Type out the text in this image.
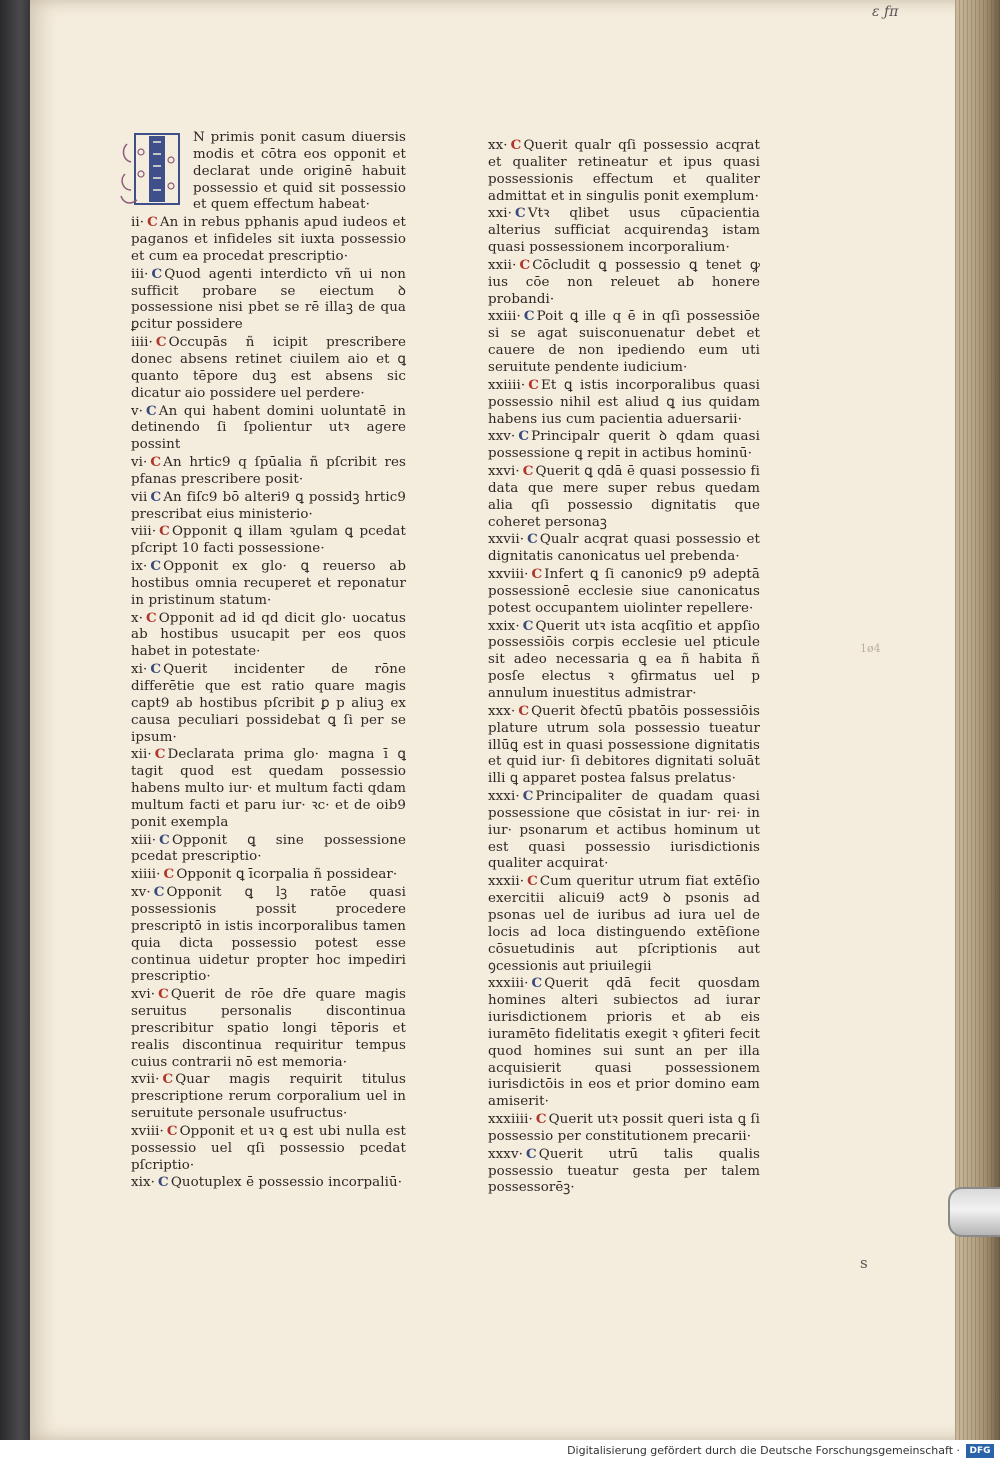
ε ƒπ
1ø4
s

N primis ponit casum diuersis modis et cōtra eos opponit et declarat unde originē habuit possessio et quid sit possessio et quem effectum habeat·

ii· C An in rebus pphanis apud iudeos et paganos et infideles sit iuxta possessio et cum ea procedat prescriptio·

iii· C Quod agenti interdicto vñ ui non sufficit probare se eiectum ꝺ possessione nisi pbet se rē illaꝫ de qua ꝑcitur possidere

iiii· C Occupās ñ icipit prescribere donec absens retinet ciuilem aio et ꝗ quanto tēpore duꝫ est absens sic dicatur aio possidere uel perdere·

v· C An qui habent domini uoluntatē in detinendo ſi ſpolientur utꝛ agere possint

vi· C An hrtic9 q ſpūalia ñ pſcribit res pfanas prescribere posit·

vii C An fiſc9 bō alteri9 ꝗ possidꝫ hrtic9 prescribat eius ministerio·

viii· C Opponit ꝗ illam ꝛgulam ꝗ pcedat pſcript 10 facti possessione·

ix· C Opponit ex glo· ꝗ reuerso ab hostibus omnia recuperet et reponatur in pristinum statum·

x· C Opponit ad id qd dicit glo· uocatus ab hostibus usucapit per eos quos habet in potestate·

xi· C Querit incidenter de rōne differētie que est ratio quare magis capt9 ab hostibus pſcribit ꝑ p aliuꝫ ex causa peculiari possidebat ꝗ ſi per se ipsum·

xii· C Declarata prima glo· magna ī ꝗ tagit quod est quedam possessio habens multo iur· et multum facti qdam multum facti et paru iur· ꝛc· et de oib9 ponit exempla

xiii· C Opponit ꝗ sine possessione pcedat prescriptio·

xiiii· C Opponit ꝗ īcorpalia ñ possidear·

xv· C Opponit ꝗ lꝫ ratōe quasi possessionis possit procedere prescriptō in istis incorporalibus tamen quia dicta possessio potest esse continua uidetur propter hoc impediri prescriptio·

xvi· C Querit de rōe dr̄e quare magis seruitus personalis discontinua prescribitur spatio longi tēporis et realis discontinua requiritur tempus cuius contrarii nō est memoria·

xvii· C Quar magis requirit titulus prescriptione rerum corporalium uel in seruitute personale usufructus·

xviii· C Opponit et uꝛ ꝗ est ubi nulla est possessio uel qſi possessio pcedat pſcriptio·

xix· C Quotuplex ē possessio incorpaliū·

xx· C Querit qualr qſi possessio acqrat et qualiter retineatur et ipus quasi possessionis effectum et qualiter admittat et in singulis ponit exemplum·

xxi· C Vtꝛ qlibet usus cūpacientia alterius sufficiat acquirendaꝫ istam quasi possessionem incorporalium·

xxii· C Cōcludit ꝗ possessio ꝗ tenet ꝙ ius cōe non releuet ab honere probandi·

xxiii· C Poit ꝗ ille q ē in qſi possessiōe si se agat suisconuenatur debet et cauere de non ipediendo eum uti seruitute pendente iudicium·

xxiiii· C Et ꝗ istis incorporalibus quasi possessio nihil est aliud ꝗ ius quidam habens ius cum pacientia aduersarii·

xxv· C Principalr querit ꝺ qdam quasi possessione ꝗ repit in actibus hominū·

xxvi· C Querit ꝗ qdā ē quasi possessio fi data que mere super rebus quedam alia qſi possessio dignitatis que coheret personaꝫ

xxvii· C Qualr acqrat quasi possessio et dignitatis canonicatus uel prebenda·

xxviii· C Infert ꝗ ſi canonic9 p9 adeptā possessionē ecclesie siue canonicatus potest occupantem uiolinter repellere·

xxix· C Querit utꝛ ista acqſitio et appſio possessiōis corpis ecclesie uel pticule sit adeo necessaria ꝗ ea ñ habita ñ posſe electus ꝛ ꝯfirmatus uel p annulum inuestitus admistrar·

xxx· C Querit ꝺfectū pbatōis possessiōis plature utrum sola possessio tueatur illūꝗ est in quasi possessione dignitatis et quid iur· ſi debitores dignitati soluāt illi ꝗ apparet postea falsus prelatus·

xxxi· C Principaliter de quadam quasi possessione que cōsistat in iur· rei· in iur· psonarum et actibus hominum ut est quasi possessio iurisdictionis qualiter acquirat·

xxxii· C Cum queritur utrum fiat extēſio exercitii alicui9 act9 ꝺ psonis ad psonas uel de iuribus ad iura uel de locis ad loca distinguendo extēſione cōsuetudinis aut pſcriptionis aut ꝯcessionis aut priuilegii

xxxiii· C Querit qdā fecit quosdam homines alteri subiectos ad iurar iurisdictionem prioris et ab eis iuramēto fidelitatis exegit ꝛ ꝯfiteri fecit quod homines sui sunt an per illa acquisierit quasi possessionem iurisdictōis in eos et prior domino eam amiserit·

xxxiiii· C Querit utꝛ possit queri ista ꝗ ſi possessio per constitutionem precarii·

xxxv· C Querit utrū talis qualis possessio tueatur gesta per talem possessorēꝫ·

Digitalisierung gefördert durch die Deutsche Forschungsgemeinschaft ·	DFG
